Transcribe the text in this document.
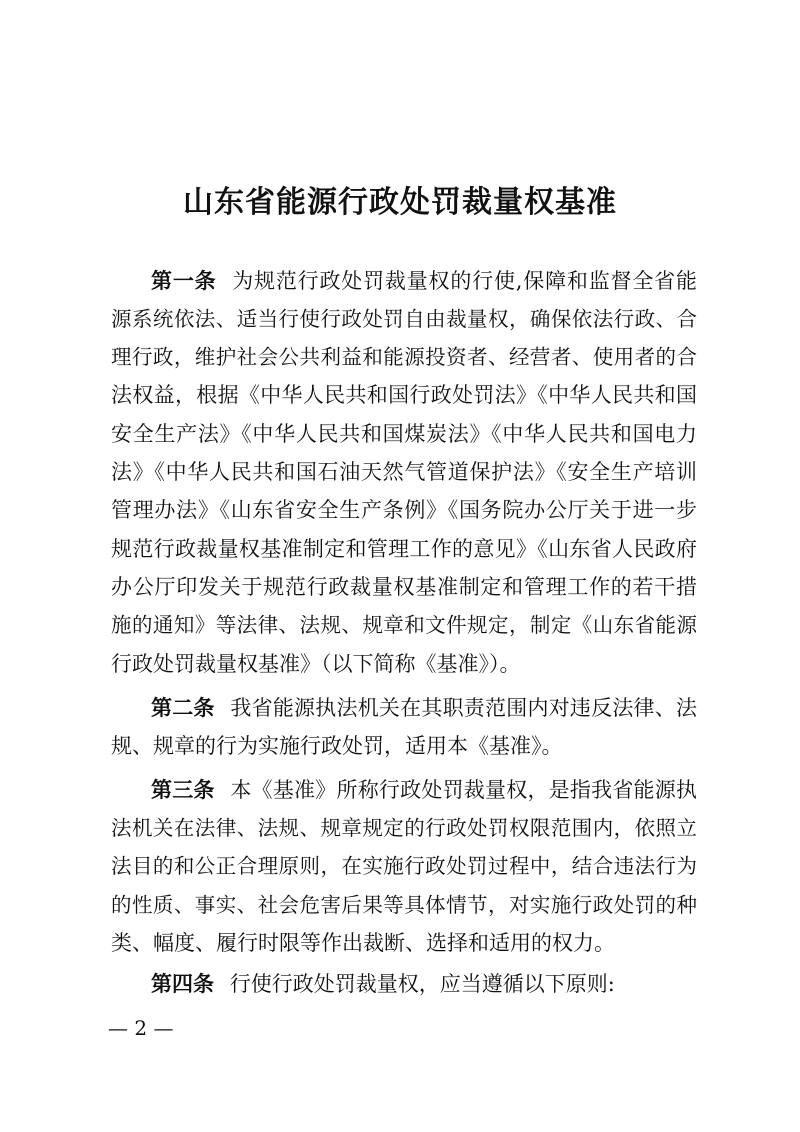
山东省能源行政处罚裁量权基准
第一条 为规范行政处罚裁量权的行使,保障和监督全省能
源系统依法、适当行使行政处罚自由裁量权，确保依法行政、合
理行政，维护社会公共利益和能源投资者、经营者、使用者的合
法权益，根据《中华人民共和国行政处罚法》《中华人民共和国
安全生产法》《中华人民共和国煤炭法》《中华人民共和国电力
法》《中华人民共和国石油天然气管道保护法》《安全生产培训
管理办法》《山东省安全生产条例》《国务院办公厅关于进一步
规范行政裁量权基准制定和管理工作的意见》《山东省人民政府
办公厅印发关于规范行政裁量权基准制定和管理工作的若干措
施的通知》等法律、法规、规章和文件规定，制定《山东省能源
行政处罚裁量权基准》（以下简称《基准》）。
第二条 我省能源执法机关在其职责范围内对违反法律、法
规、规章的行为实施行政处罚，适用本《基准》。
第三条 本《基准》所称行政处罚裁量权，是指我省能源执
法机关在法律、法规、规章规定的行政处罚权限范围内，依照立
法目的和公正合理原则，在实施行政处罚过程中，结合违法行为
的性质、事实、社会危害后果等具体情节，对实施行政处罚的种
类、幅度、履行时限等作出裁断、选择和适用的权力。
第四条 行使行政处罚裁量权，应当遵循以下原则:
— 2 —
